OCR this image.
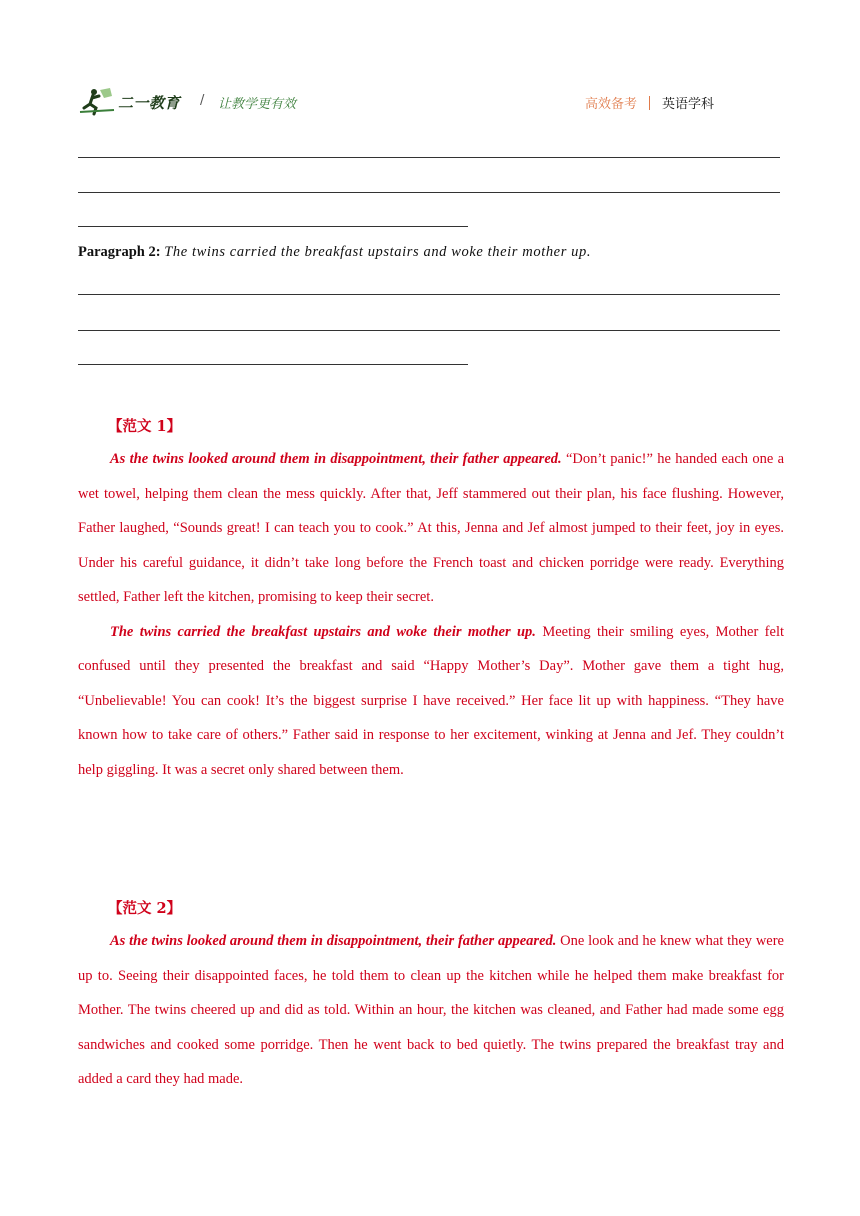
二一教育 / 让教学更有效	高效备考 英语学科
Paragraph 2: The twins carried the breakfast upstairs and woke their mother up.
【范文 1】

As the twins looked around them in disappointment, their father appeared. “Don’t panic!” he handed each one a wet towel, helping them clean the mess quickly. After that, Jeff stammered out their plan, his face flushing. However, Father laughed, “Sounds great! I can teach you to cook.” At this, Jenna and Jef almost jumped to their feet, joy in eyes. Under his careful guidance, it didn’t take long before the French toast and chicken porridge were ready. Everything settled, Father left the kitchen, promising to keep their secret.

The twins carried the breakfast upstairs and woke their mother up. Meeting their smiling eyes, Mother felt confused until they presented the breakfast and said “Happy Mother’s Day”. Mother gave them a tight hug, “Unbelievable! You can cook! It’s the biggest surprise I have received.” Her face lit up with happiness. “They have known how to take care of others.” Father said in response to her excitement, winking at Jenna and Jef. They couldn’t help giggling. It was a secret only shared between them.

【范文 2】

As the twins looked around them in disappointment, their father appeared. One look and he knew what they were up to. Seeing their disappointed faces, he told them to clean up the kitchen while he helped them make breakfast for Mother. The twins cheered up and did as told. Within an hour, the kitchen was cleaned, and Father had made some egg sandwiches and cooked some porridge. Then he went back to bed quietly. The twins prepared the breakfast tray and added a card they had made.
